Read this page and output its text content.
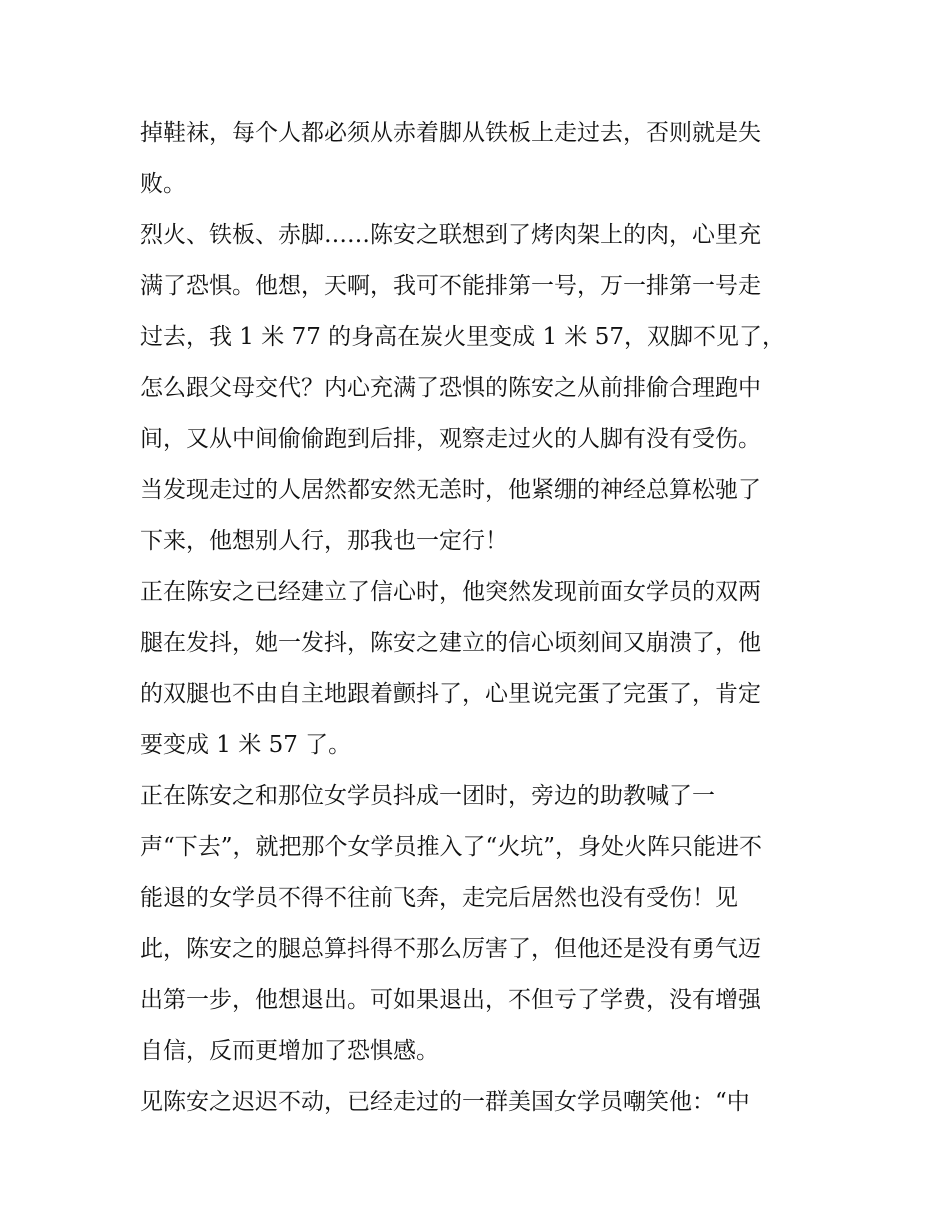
掉鞋袜，每个人都必须从赤着脚从铁板上走过去，否则就是失
败。
烈火、铁板、赤脚……陈安之联想到了烤肉架上的肉，心里充
满了恐惧。他想，天啊，我可不能排第一号，万一排第一号走
过去，我 1 米 77 的身高在炭火里变成 1 米 57，双脚不见了，
怎么跟父母交代？内心充满了恐惧的陈安之从前排偷合理跑中
间，又从中间偷偷跑到后排，观察走过火的人脚有没有受伤。
当发现走过的人居然都安然无恙时，他紧绷的神经总算松驰了
下来，他想别人行，那我也一定行！
正在陈安之已经建立了信心时，他突然发现前面女学员的双两
腿在发抖，她一发抖，陈安之建立的信心顷刻间又崩溃了，他
的双腿也不由自主地跟着颤抖了，心里说完蛋了完蛋了，肯定
要变成 1 米 57 了。
正在陈安之和那位女学员抖成一团时，旁边的助教喊了一
声“下去”，就把那个女学员推入了“火坑”，身处火阵只能进不
能退的女学员不得不往前飞奔，走完后居然也没有受伤！见
此，陈安之的腿总算抖得不那么厉害了，但他还是没有勇气迈
出第一步，他想退出。可如果退出，不但亏了学费，没有增强
自信，反而更增加了恐惧感。
见陈安之迟迟不动，已经走过的一群美国女学员嘲笑他：“中
